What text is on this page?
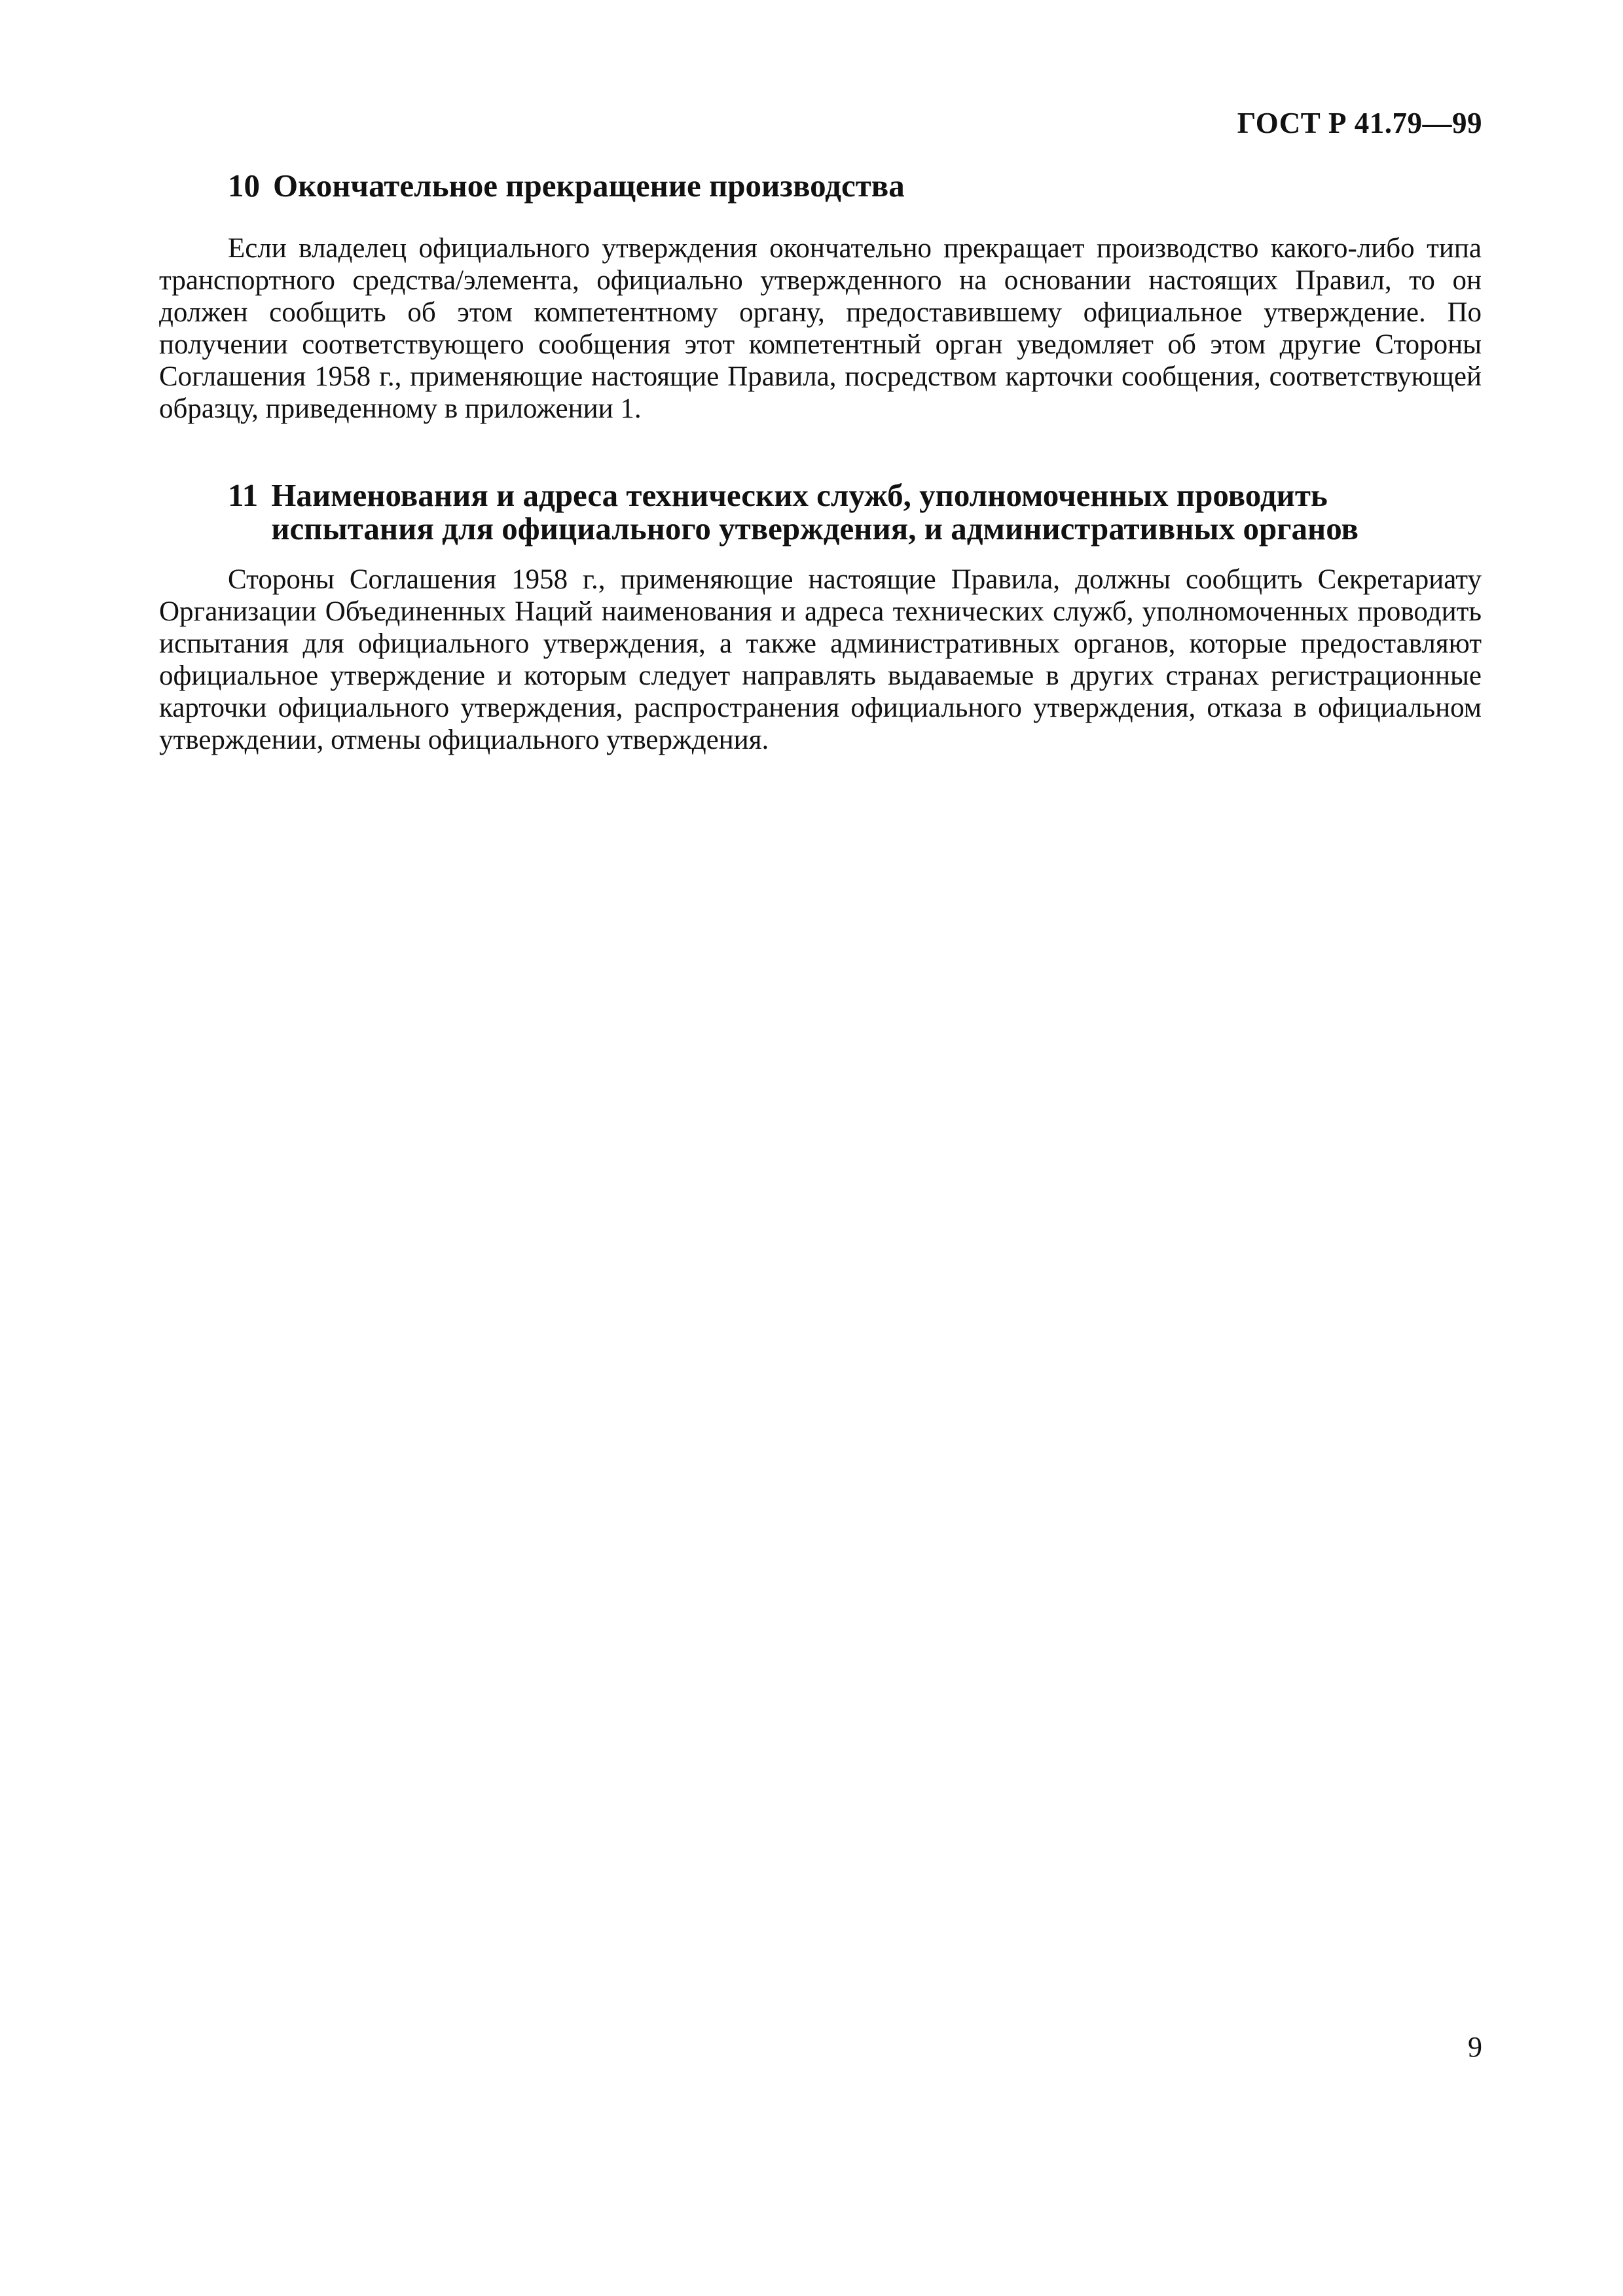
ГОСТ Р 41.79—99
10 Окончательное прекращение производства

Если владелец официального утверждения окончательно прекращает производство какого-либо типа транспортного средства/элемента, официально утвержденного на основании настоящих Правил, то он должен сообщить об этом компетентному органу, предоставившему официальное утверждение. По получении соответствующего сообщения этот компетентный орган уведомляет об этом другие Стороны Соглашения 1958 г., применяющие настоящие Правила, посредством карточки сообщения, соответствующей образцу, приведенному в приложении 1.

11 Наименования и адреса технических служб, уполномоченных проводить испытания для официального утверждения, и административных органов

Стороны Соглашения 1958 г., применяющие настоящие Правила, должны сообщить Секретариату Организации Объединенных Наций наименования и адреса технических служб, уполномоченных проводить испытания для официального утверждения, а также административных органов, которые предоставляют официальное утверждение и которым следует направлять выдаваемые в других странах регистрационные карточки официального утверждения, распространения официального утверждения, отказа в официальном утверждении, отмены официального утверждения.

9
